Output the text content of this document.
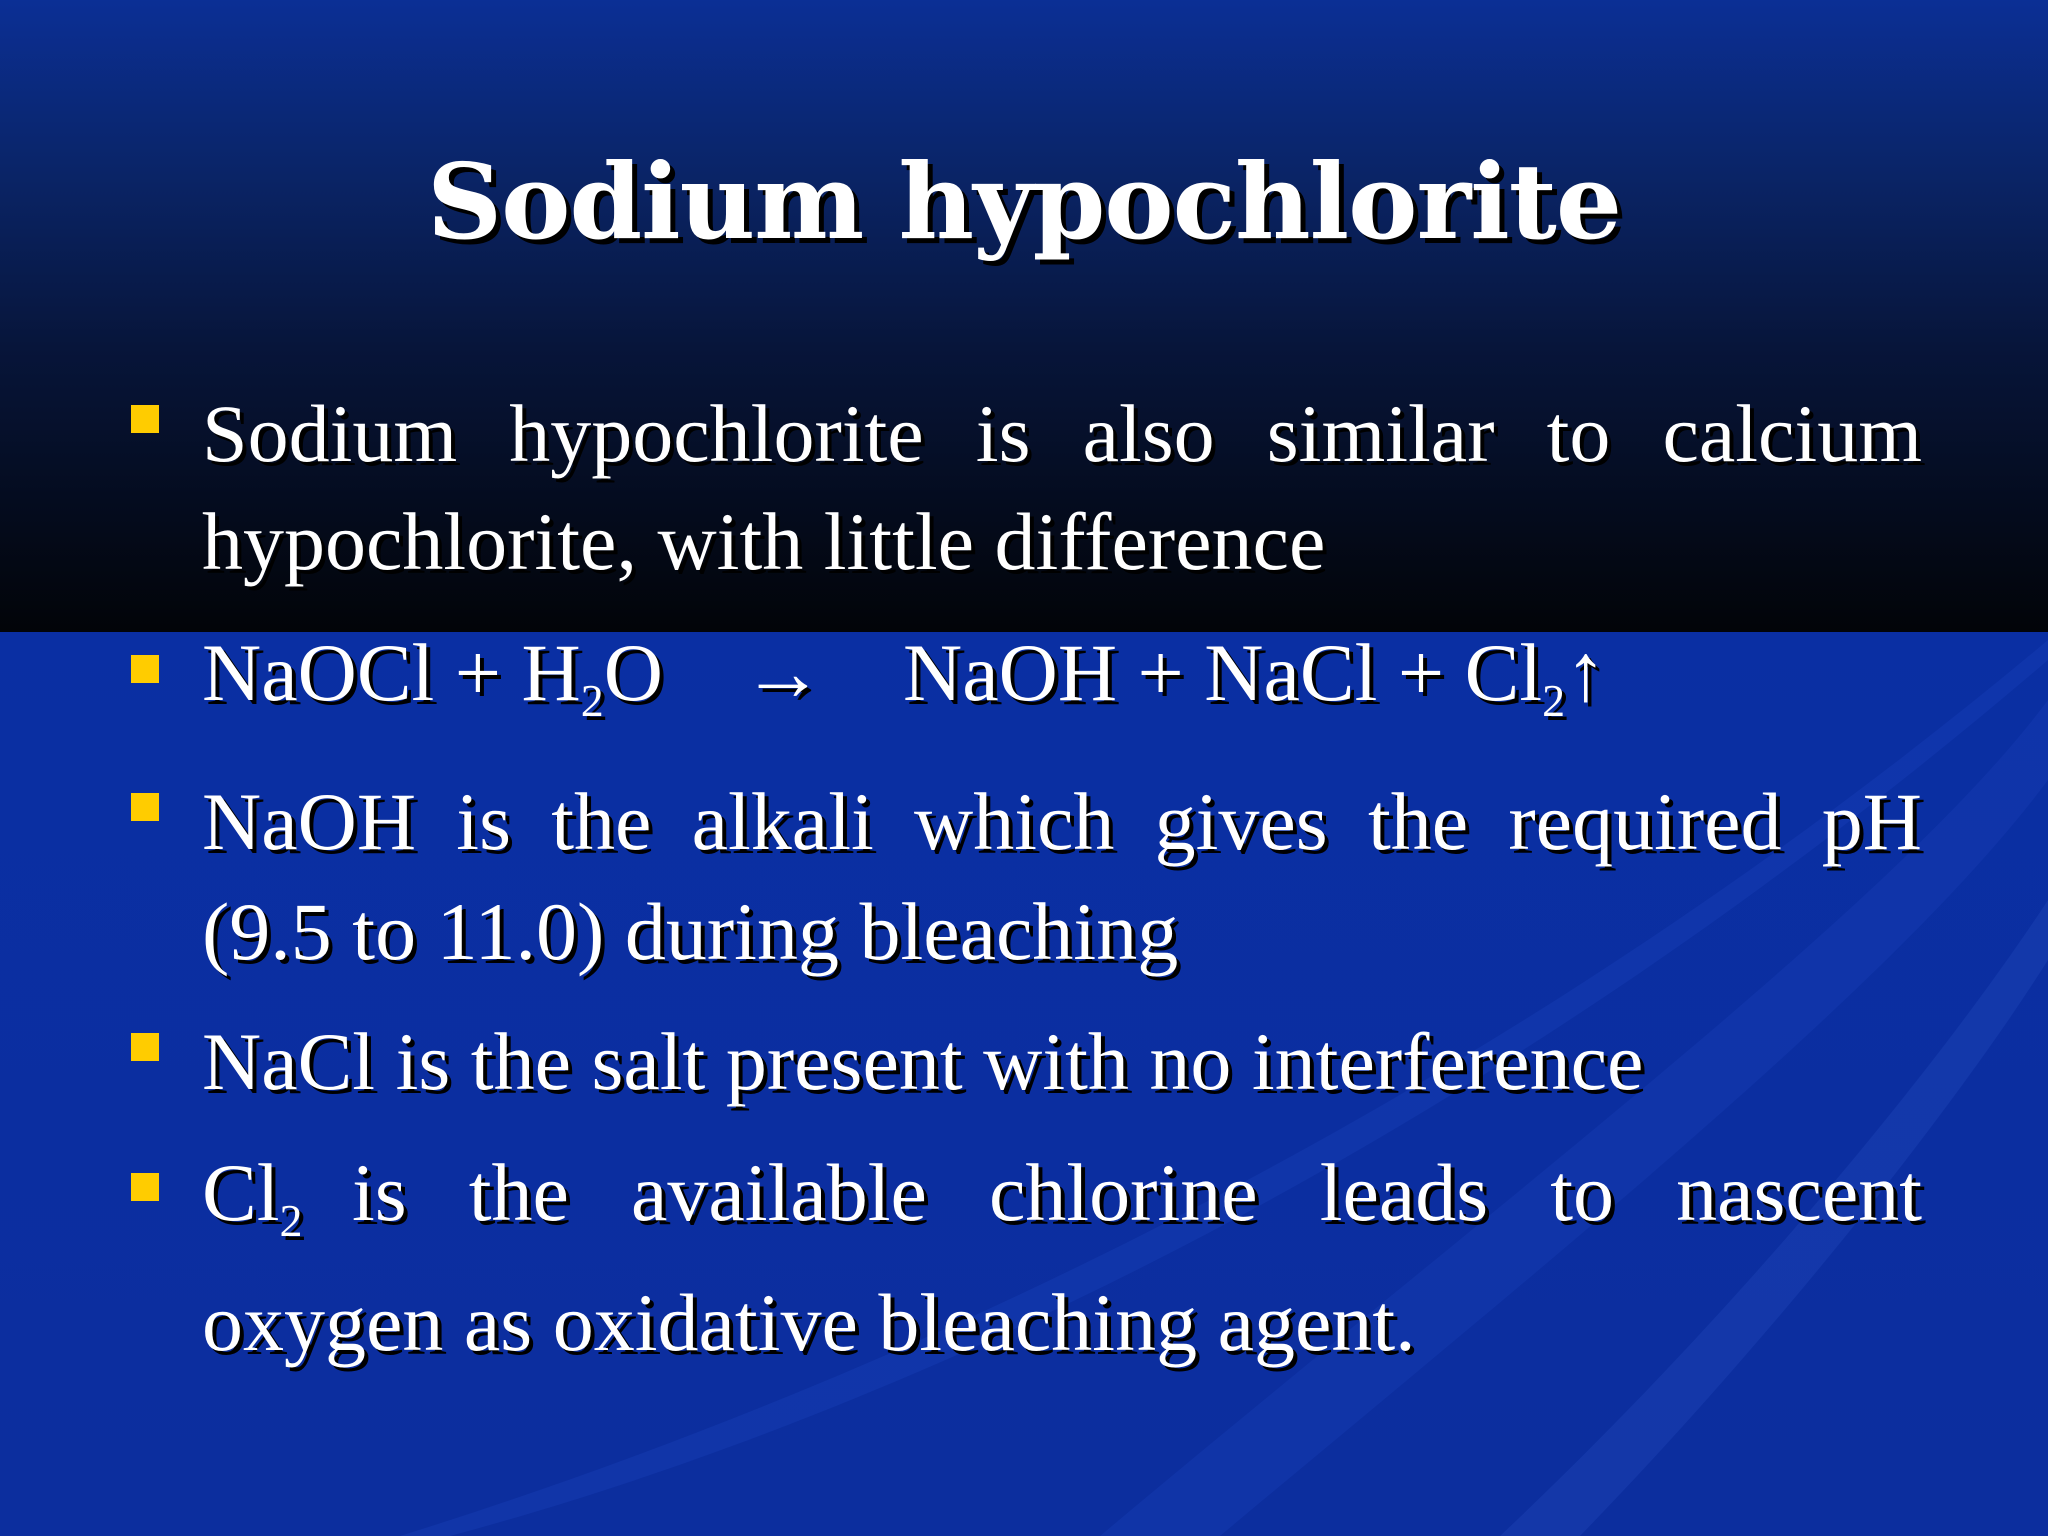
Sodium hypochlorite
Sodium hypochlorite is also similar to calcium
hypochlorite, with little difference
NaOCl + $H_2O$ → NaOH + NaCl + $Cl_2↑$
NaOH is the alkali which gives the required pH
(9.5 to 11.0) during bleaching
NaCl is the salt present with no interference
$Cl_2$ is the available chlorine leads to nascent
oxygen as oxidative bleaching agent.
